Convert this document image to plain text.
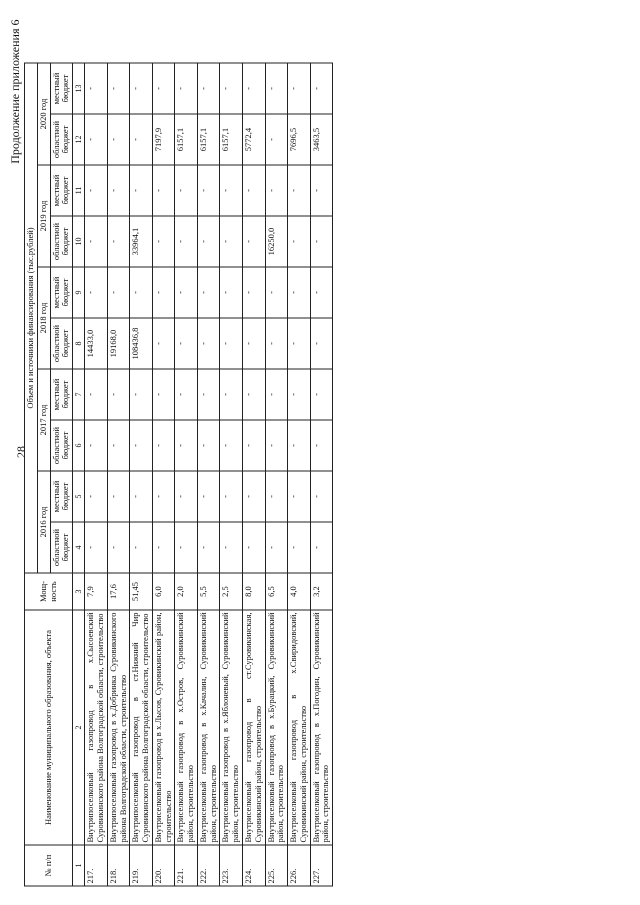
28
Продолжение приложения 6
№ п/п	Наименование муниципального образования, объекта	Мощ-ность	Объем и источники финансирования (тыс.рублей)									
			2016 год		2017 год		2018 год		2019 год		2020 год	
			областной бюджет	местный бюджет	областной бюджет	местный бюджет	областной бюджет	местный бюджет	областной бюджет	местный бюджет	областной бюджет	местный бюджет
1	2	3	4	5	6	7	8	9	10	11	12	13
217.	Внутрипоселковый газопровод в х.Сысоевский Суровикинского района Волгоградской области, строительство	7,9	-	-	-	-	14433,0	-	-	-	-	-
218.	Внутрипоселковый газопровод в х.Добринка Суровикинского района Волгоградской области, строительство	17,6	-	-	-	-	19168,0	-	-	-	-	-
219.	Внутрипоселковый газопровод в ст.Нижний Чир Суровикинского района Волгоградской области, строительство	51,45	-	-	-	-	108436,8	-	33964,1	-	-	-
220.	Внутриселковый газопровод в х.Лысов, Суровикинский район, строительство	6,0	-	-	-	-	-	-	-	-	7197,9	-
221.	Внутриселковый газопровод в х.Остров, Суровикинский район, строительство	2,0	-	-	-	-	-	-	-	-	6157,1	-
222.	Внутриселковый газопровод в х.Качалин, Суровикинский район, строительство	5,5	-	-	-	-	-	-	-	-	6157,1	-
223.	Внутриселковый газопровод в х.Яблоневый, Суровикинский район, строительство	2,5	-	-	-	-	-	-	-	-	6157,1	-
224.	Внутриселковый газопровод в ст.Суровикинская, Суровикинский район, строительство	8,0	-	-	-	-	-	-	-	-	5772,4	-
225.	Внутриселковый газопровод в х.Бурацкий, Суровикинский район, строительство	6,5	-	-	-	-	-	-	16250,0	-	-	-
226.	Внутриселковый газопровод в х.Свиридовский, Суровикинский район, строительство	4,0	-	-	-	-	-	-	-	-	7696,5	-
227.	Внутриселковый газопровод в х.Погодин, Суровикинский район, строительство	3,2	-	-	-	-	-	-	-	-	3463,5	-
